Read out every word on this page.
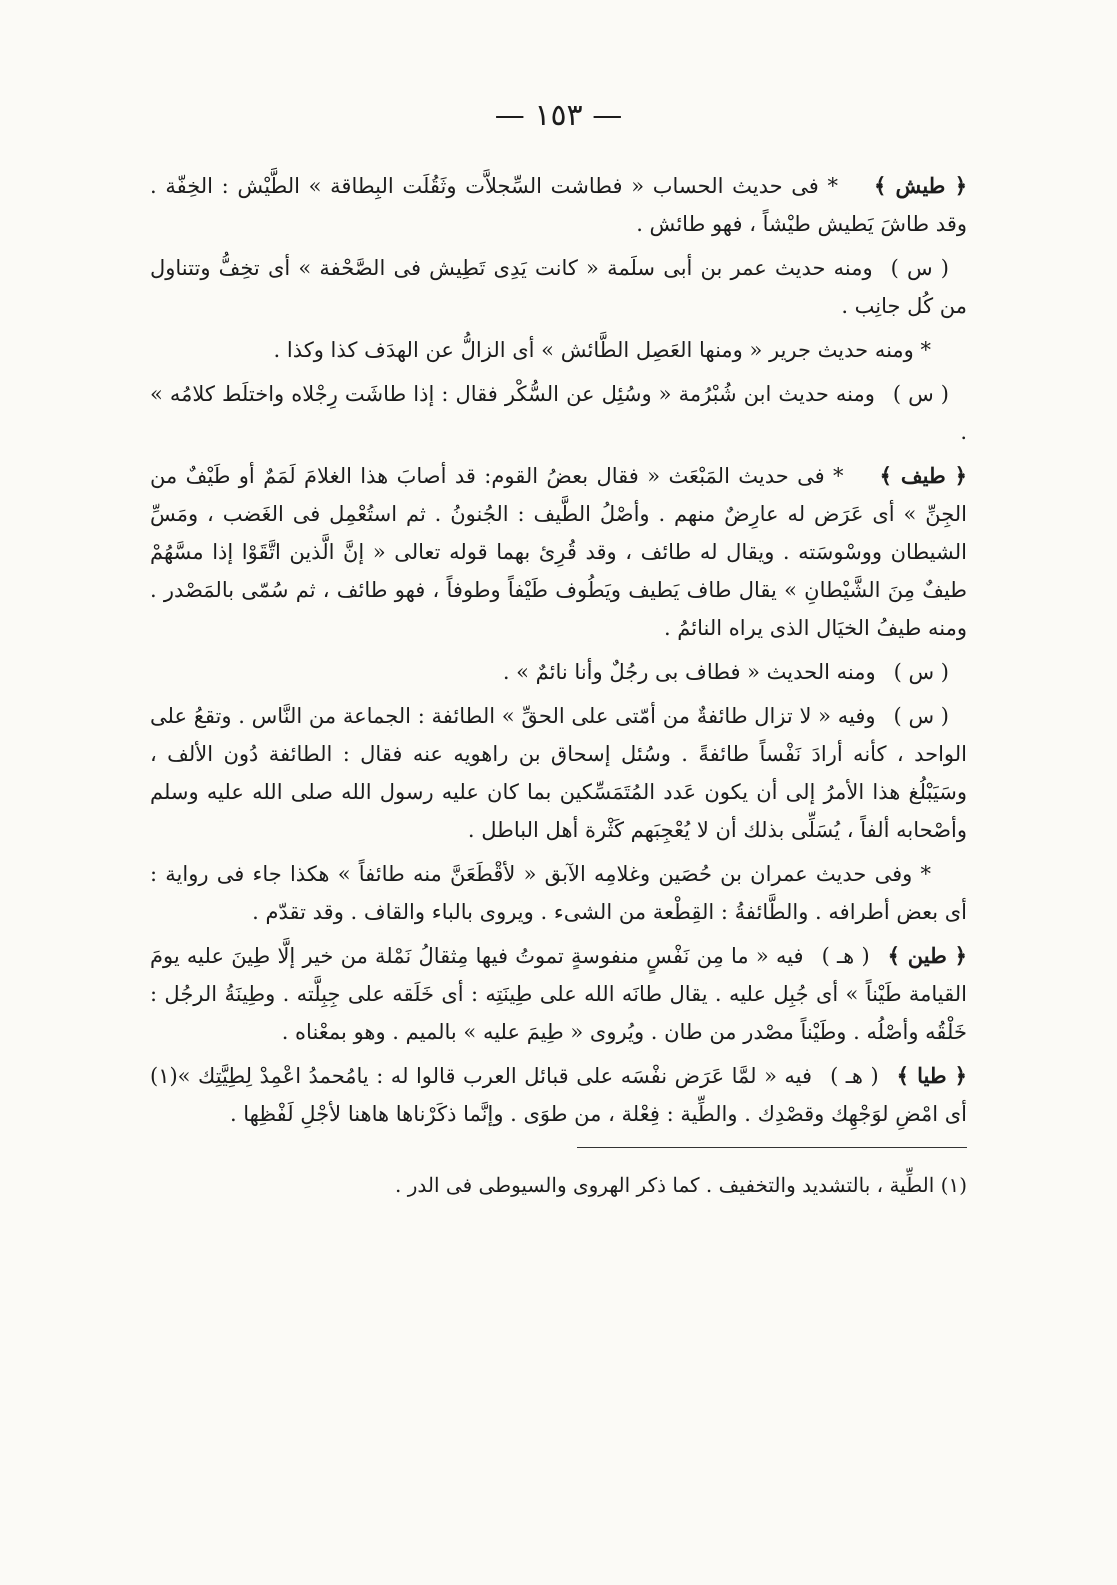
— ١٥٣ —

﴿ طيش ﴾* فى حديث الحساب « فطاشت السِّجلاَّت وثَقُلَت البِطاقة » الطَّيْش : الخِفّة . وقد طاشَ يَطيش طيْشاً ، فهو طائش .

( س )ومنه حديث عمر بن أبى سلَمة « كانت يَدِى تَطِيش فى الصَّحْفة » أى تخِفُّ وتتناول من كُل جانِب .

* ومنه حديث جرير « ومنها العَصِل الطَّائش » أى الزالُّ عن الهدَف كذا وكذا .

( س )ومنه حديث ابن شُبْرُمة « وسُئِل عن السُّكْر فقال : إذا طاشَت رِجْلاه واختلَط كلامُه » .

﴿ طيف ﴾* فى حديث المَبْعَث « فقال بعضُ القوم: قد أصابَ هذا الغلامَ لَمَمٌ أو طَيْفٌ من الجِنِّ » أى عَرَض له عارِضٌ منهم . وأصْلُ الطَّيف : الجُنونُ . ثم استُعْمِل فى الغَضب ، ومَسِّ الشيطان ووسْوسَته . ويقال له طائف ، وقد قُرِئ بهما قوله تعالى « إنَّ الَّذين اتَّقَوْا إذا مسَّهُمْ طيفٌ مِنَ الشَّيْطانِ » يقال طاف يَطيف ويَطُوف طَيْفاً وطوفاً ، فهو طائف ، ثم سُمّى بالمَصْدر . ومنه طيفُ الخيَال الذى يراه النائمُ .

( س )ومنه الحديث « فطاف بى رجُلٌ وأنا نائمٌ » .

( س )وفيه « لا تزال طائفةٌ من أمّتى على الحقِّ » الطائفة : الجماعة من النَّاس . وتقعُ على الواحد ، كأنه أرادَ نَفْساً طائفةً . وسُئل إسحاق بن راهويه عنه فقال : الطائفة دُون الألف ، وسَيَبْلُغ هذا الأمرُ إلى أن يكون عَدد المُتَمَسِّكين بما كان عليه رسول الله صلى الله عليه وسلم وأصْحابه ألفاً ، يُسَلِّى بذلك أن لا يُعْجِبَهم كَثْرة أهل الباطل .

* وفى حديث عمران بن حُصَين وغلامِه الآبق « لأقْطَعَنَّ منه طائفاً » هكذا جاء فى رواية : أى بعض أطرافه . والطَّائفةُ : القِطْعة من الشىء . ويروى بالباء والقاف . وقد تقدّم .

﴿ طين ﴾( هـ )فيه « ما مِن نَفْسٍ منفوسةٍ تموتُ فيها مِثقالُ نَمْلة من خير إلَّا طِينَ عليه يومَ القيامة طَيْناً » أى جُبِل عليه . يقال طانَه الله على طِينَتِه : أى خَلَقه على جِبِلَّته . وطِينَةُ الرجُل : خَلْقُه وأصْلُه . وطَيْناً مصْدر من طان . ويُروى « طِيمَ عليه » بالميم . وهو بمعْناه .

﴿ طيا ﴾( هـ )فيه « لمَّا عَرَض نفْسَه على قبائل العرب قالوا له : يامُحمدُ اعْمِدْ لِطِيَّتِك »(١) أى امْضِ لوَجْهِك وقصْدِك . والطِّية : فِعْلة ، من طوَى . وإنَّما ذكَرْناها هاهنا لأجْلِ لَفْظِها .

(١) الطِّية ، بالتشديد والتخفيف . كما ذكر الهروى والسيوطى فى الدر .
